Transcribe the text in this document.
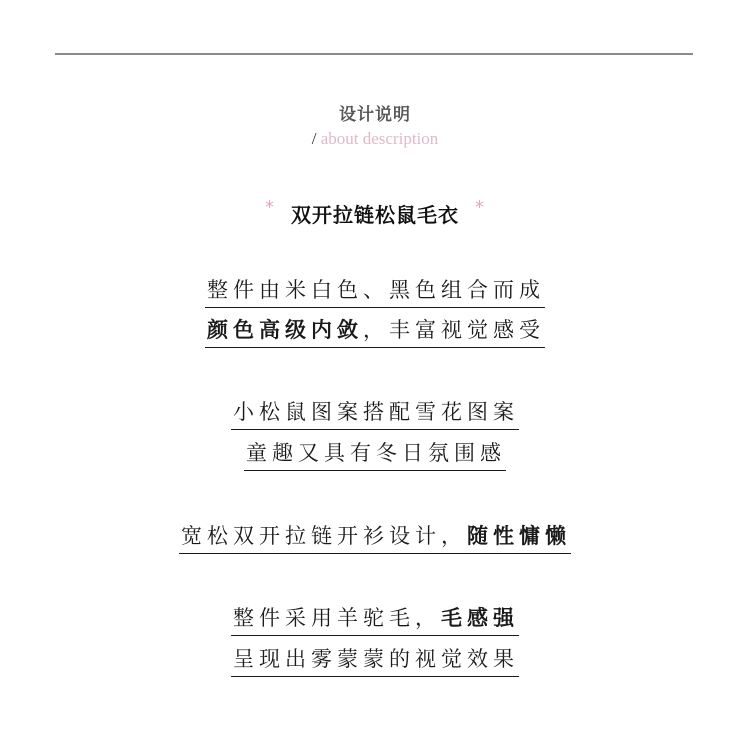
设计说明
/ about description
* 双开拉链松鼠毛衣 *
整件由米白色、黑色组合而成
颜色高级内敛，丰富视觉感受
小松鼠图案搭配雪花图案
童趣又具有冬日氛围感
宽松双开拉链开衫设计，随性慵懒
整件采用羊驼毛，毛感强
呈现出雾蒙蒙的视觉效果
